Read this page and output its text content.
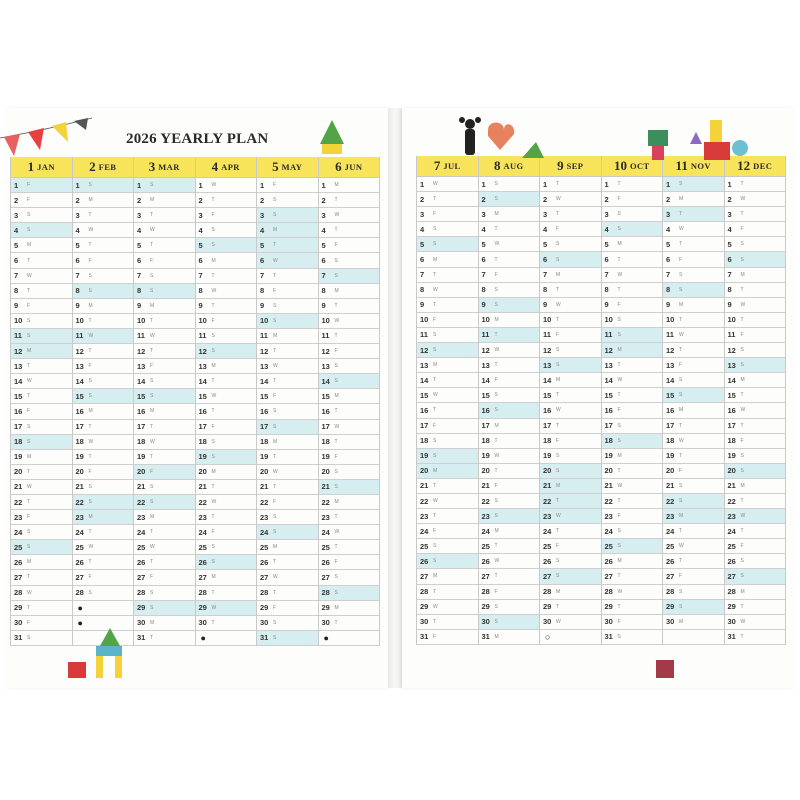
2026 YEARLY PLAN
1 JAN
1	F
2	F
3	S
4	S
5	M
6	T
7	W
8	T
9	F
10 S
11	S
12 M
13 T
14 W
15 T
16 F
17 S
18 S
19 M
20 T
21 W
22 T
23 F
24 S
25 S
26 M
27 T
28 W
29 T
30 F
31 S
2 FEB
1	S
2	M
3	T
4	W
5	T
6	F
7	S
8	S
9	M
10 T
11	W
12 T
13 F
14 S
15 S
16 M
17 T
18 W
19 T
20 F
21 S
22 S
23 M
24 T
25 W
26 T
27 F
28 S
●
●
3 MAR
1	S
2	M
3	T
4	W
5	T
6	F
7	S
8	S
9	M
10 T
11	W
12 T
13 F
14 S
15 S
16 M
17 T
18 W
19 T
20 F
21 S
22 S
23 M
24 T
25 W
26 T
27 F
28 S
29 S
30 M
31 T
4 APR
1	W
2	T
3	F
4	S
5	S
6	M
7	T
8	W
9	T
10 F
11	S
12 S
13 M
14 T
15 W
16 T
17 F
18 S
19 S
20 M
21 T
22 W
23 T
24 F
25 S
26 S
27 M
28 T
29 W
30 T
●
5 MAY
1	F
2	S
3	S
4	M
5	T
6	W
7	T
8	F
9	S
10 S
11	M
12 T
13 W
14 T
15 F
16 S
17 S
18 M
19 T
20 W
21 T
22 F
23 S
24 S
25 M
26 T
27 W
28 T
29 F
30 S
31 S
6 JUN
1	M
2	T
3	W
4	T
5	F
6	S
7	S
8	M
9	T
10 W
11	T
12 F
13 S
14 S
15 M
16 T
17 W
18 T
19 F
20 S
21 S
22 M
23 T
24 W
25 T
26 F
27 S
28 S
29 M
30 T
●
7 JUL
1	W
2	T
3	F
4	S
5	S
6	M
7	T
8	W
9	T
10 F
11	S
12 S
13 M
14 T
15 W
16 T
17 F
18 S
19 S
20 M
21 T
22 W
23 T
24 F
25 S
26 S
27 M
28 T
29 W
30 T
31 F
8 AUG
1	S
2	S
3	M
4	T
5	W
6	T
7	F
8	S
9	S
10 M
11	T
12 W
13 T
14 F
15 S
16 S
17 M
18 T
19 W
20 T
21 F
22 S
23 S
24 M
25 T
26 W
27 T
28 F
29 S
30 S
31 M
9 SEP
1	T
2	W
3	T
4	F
5	S
6	S
7	M
8	T
9	W
10 T
11	F
12 S
13 S
14 M
15 T
16 W
17 T
18 F
19 S
20 S
21 M
22 T
23 W
24 T
25 F
26 S
27 S
28 M
29 T
30 W
○
10 OCT
1	T
2	F
3	S
4	S
5	M
6	T
7	W
8	T
9	F
10 S
11	S
12 M
13 T
14 W
15 T
16 F
17 S
18 S
19 M
20 T
21 W
22 T
23 F
24 S
25 S
26 M
27 T
28 W
29 T
30 F
31 S
11 NOV
1	S
2	M
3	T
4	W
5	T
6	F
7	S
8	S
9	M
10 T
11	W
12 T
13 F
14 S
15 S
16 M
17 T
18 W
19 T
20 F
21 S
22 S
23 M
24 T
25 W
26 T
27 F
28 S
29 S
30 M
12 DEC
1	T
2	W
3	T
4	F
5	S
6	S
7	M
8	T
9	W
10 T
11	F
12 S
13 S
14 M
15 T
16 W
17 T
18 F
19 S
20 S
21 M
22 T
23 W
24 T
25 F
26 S
27 S
28 M
29 T
30 W
31 T
